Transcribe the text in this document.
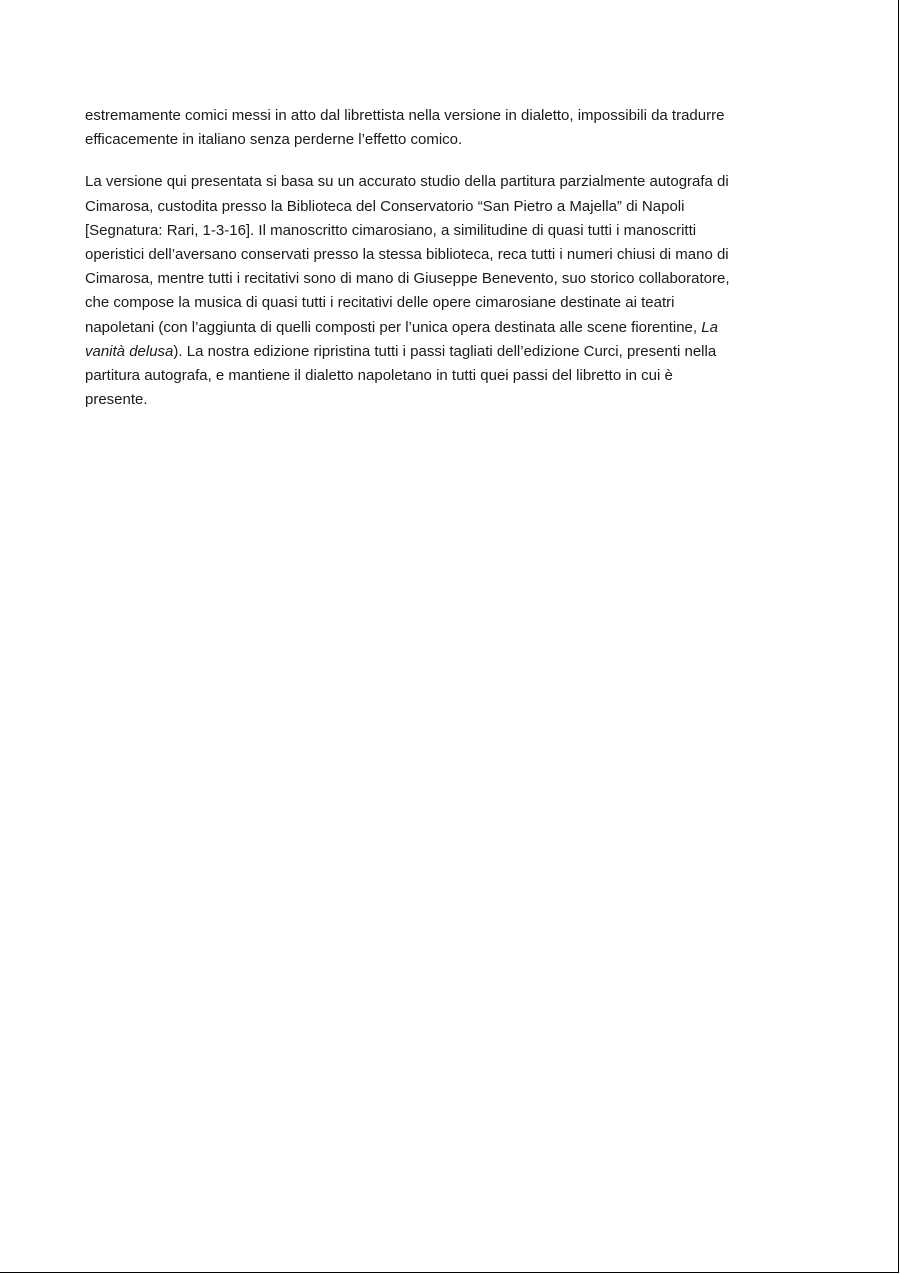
estremamente comici messi in atto dal librettista nella versione in dialetto, impossibili da tradurre
efficacemente in italiano senza perderne l’effetto comico.

La versione qui presentata si basa su un accurato studio della partitura parzialmente autografa di
Cimarosa, custodita presso la Biblioteca del Conservatorio “San Pietro a Majella” di Napoli
[Segnatura: Rari, 1-3-16]. Il manoscritto cimarosiano, a similitudine di quasi tutti i manoscritti
operistici dell’aversano conservati presso la stessa biblioteca, reca tutti i numeri chiusi di mano di
Cimarosa, mentre tutti i recitativi sono di mano di Giuseppe Benevento, suo storico collaboratore,
che compose la musica di quasi tutti i recitativi delle opere cimarosiane destinate ai teatri
napoletani (con l’aggiunta di quelli composti per l’unica opera destinata alle scene fiorentine, La
vanità delusa). La nostra edizione ripristina tutti i passi tagliati dell’edizione Curci, presenti nella
partitura autografa, e mantiene il dialetto napoletano in tutti quei passi del libretto in cui è
presente.
